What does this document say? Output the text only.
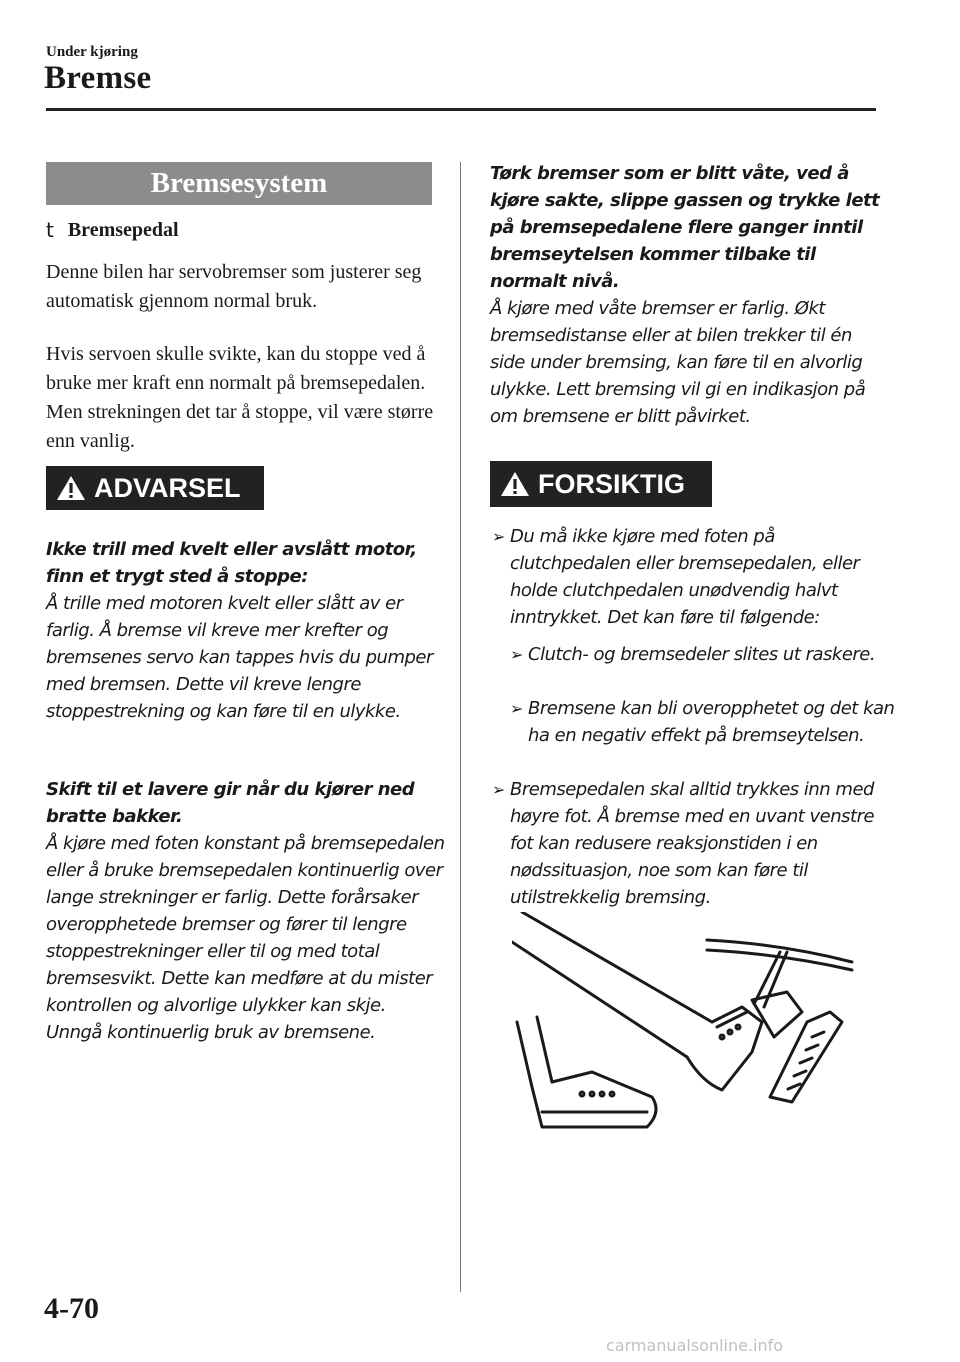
Under kjøring
Bremse
Bremsesystem
t Bremsepedal
Denne bilen har servobremser som justerer seg automatisk gjennom normal bruk.
Hvis servoen skulle svikte, kan du stoppe ved å bruke mer kraft enn normalt på bremsepedalen. Men strekningen det tar å stoppe, vil være større enn vanlig.
ADVARSEL
Ikke trill med kvelt eller avslått motor, finn et trygt sted å stoppe:
Å trille med motoren kvelt eller slått av er farlig. Å bremse vil kreve mer krefter og bremsenes servo kan tappes hvis du pumper med bremsen. Dette vil kreve lengre stoppestrekning og kan føre til en ulykke.
Skift til et lavere gir når du kjører ned bratte bakker.
Å kjøre med foten konstant på bremsepedalen eller å bruke bremsepedalen kontinuerlig over lange strekninger er farlig. Dette forårsaker overopphetede bremser og fører til lengre stoppestrekninger eller til og med total bremsesvikt. Dette kan medføre at du mister kontrollen og alvorlige ulykker kan skje. Unngå kontinuerlig bruk av bremsene.
Tørk bremser som er blitt våte, ved å kjøre sakte, slippe gassen og trykke lett på bremsepedalene flere ganger inntil bremseytelsen kommer tilbake til normalt nivå.
Å kjøre med våte bremser er farlig. Økt bremsedistanse eller at bilen trekker til én side under bremsing, kan føre til en alvorlig ulykke. Lett bremsing vil gi en indikasjon på om bremsene er blitt påvirket.
FORSIKTIG
➢ Du må ikke kjøre med foten på clutchpedalen eller bremsepedalen, eller holde clutchpedalen unødvendig halvt inntrykket. Det kan føre til følgende:
➢ Clutch- og bremsedeler slites ut raskere.
➢ Bremsene kan bli overopphetet og det kan ha en negativ effekt på bremseytelsen.
➢ Bremsepedalen skal alltid trykkes inn med høyre fot. Å bremse med en uvant venstre fot kan redusere reaksjonstiden i en nødssituasjon, noe som kan føre til utilstrekkelig bremsing.
4-70
carmanualsonline.info
